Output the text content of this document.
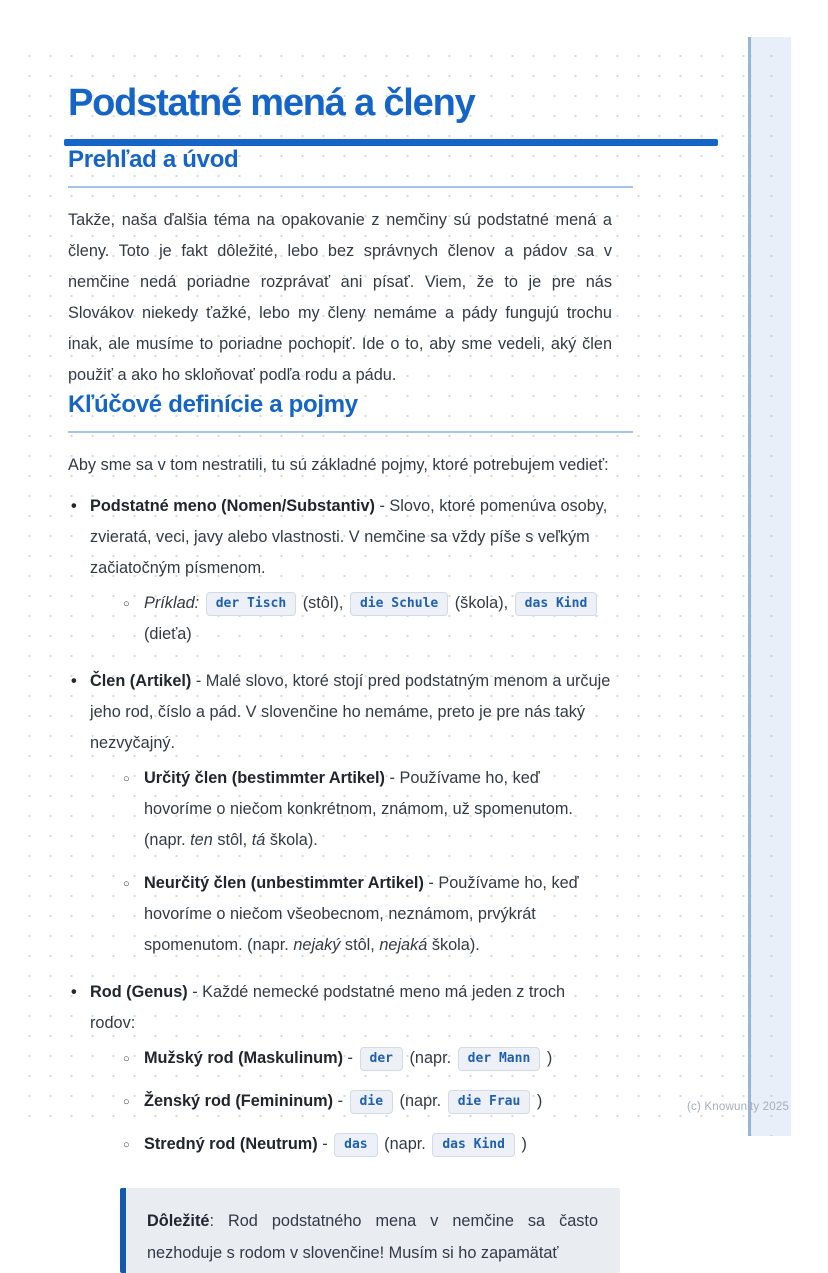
Podstatné mená a členy
Prehľad a úvod

Takže, naša ďalšia téma na opakovanie z nemčiny sú podstatné mená a členy. Toto je fakt dôležité, lebo bez správnych členov a pádov sa v nemčine nedá poriadne rozprávať ani písať. Viem, že to je pre nás Slovákov niekedy ťažké, lebo my členy nemáme a pády fungujú trochu inak, ale musíme to poriadne pochopiť. Ide o to, aby sme vedeli, aký člen použiť a ako ho skloňovať podľa rodu a pádu.

Kľúčové definície a pojmy

Aby sme sa v tom nestratili, tu sú základné pojmy, ktoré potrebujem vedieť:

• Podstatné meno (Nomen/Substantiv) - Slovo, ktoré pomenúva osoby, zvieratá, veci, javy alebo vlastnosti. V nemčine sa vždy píše s veľkým začiatočným písmenom.
○ Príklad: der Tisch (stôl), die Schule (škola), das Kind (dieťa)
• Člen (Artikel) - Malé slovo, ktoré stojí pred podstatným menom a určuje jeho rod, číslo a pád. V slovenčine ho nemáme, preto je pre nás taký nezvyčajný.
○ Určitý člen (bestimmter Artikel) - Používame ho, keď hovoríme o niečom konkrétnom, známom, už spomenutom. (napr. ten stôl, tá škola).
○ Neurčitý člen (unbestimmter Artikel) - Používame ho, keď hovoríme o niečom všeobecnom, neznámom, prvýkrát spomenutom. (napr. nejaký stôl, nejaká škola).
• Rod (Genus) - Každé nemecké podstatné meno má jeden z troch rodov:
○ Mužský rod (Maskulinum) - der (napr. der Mann )
○ Ženský rod (Femininum) - die (napr. die Frau )
○ Stredný rod (Neutrum) - das (napr. das Kind )
Dôležité: Rod podstatného mena v nemčine sa často nezhoduje s rodom v slovenčine! Musím si ho zapamätať
(c) Knowunity 2025
